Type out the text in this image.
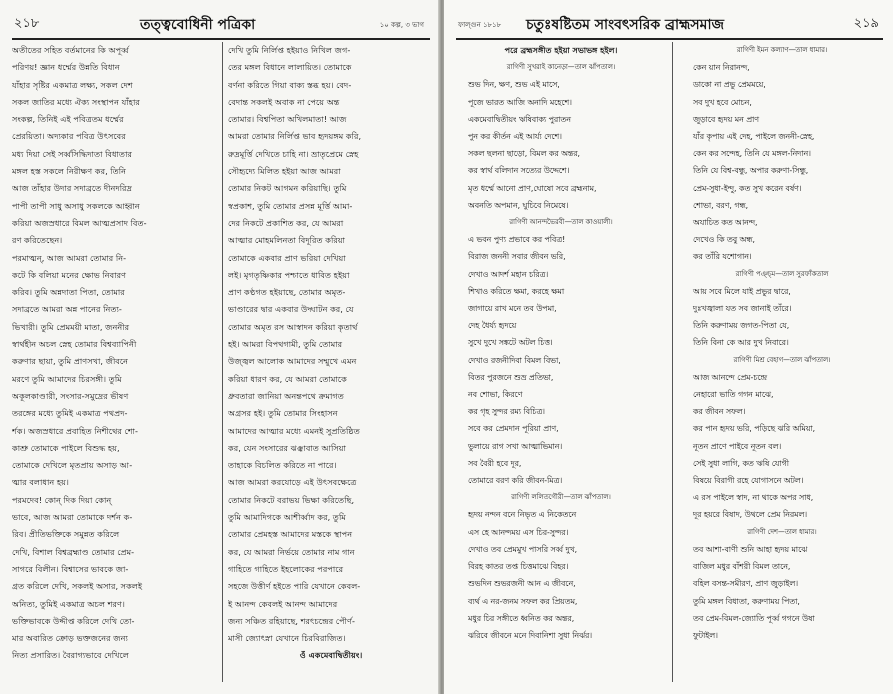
২১৮	তত্ত্ববোধিনী পত্রিকা	১০ কল্প, ৩ ভাগ

অতীতের সহিত বর্তমানের কি অপূর্ব্ব

পরিণয়! জ্ঞান ধর্ম্মের উন্নতি বিধান

যাঁহার সৃষ্টির একমাত্র লক্ষ্য, সকল দেশ

সকল জাতির মধ্যে ঐক্য সংস্থাপন যাঁহার

সংকল্প, তিনিই এই পবিত্রতম ধর্ম্মের

প্রেরয়িতা। অদ্যকার পবিত্র উৎসবের

মধ্য দিয়া সেই সর্ব্বসিদ্ধিদাতা বিধাতার

মঙ্গল হস্ত সকলে নিরীক্ষণ কর, তিনি

আজ তাঁহার উদার সদাব্রতে দীনদরিদ্র

পাপী তাপী সাধু অসাধু সকলকে আহ্বান

করিয়া অজস্রধারে বিমল আত্মপ্রসাদ বিত-

রণ করিতেছেন।

পরমাত্মন্, আজ আমরা তোমার নি-

কটে কি বলিয়া মনের ক্ষোভ নিবারণ

করিব। তুমি অন্নদাতা পিতা, তোমার

সদাব্রতে আমরা অন্ন পানের নিত্য-

ভিখারী। তুমি প্রেমময়ী মাতা, জননীর

স্বার্থহীন অচল স্নেহ তোমার বিশ্বব্যাপিনী

করুণার ছায়া, তুমি প্রাণসখা, জীবনে

মরণে তুমি আমাদের চিরসঙ্গী। তুমি

অকূলকাণ্ডারী, সংসার-সমুদ্রের ভীষণ

তরঙ্গের মধ্যে তুমিই একমাত্র পথপ্রদ-

র্শক। অজস্রধারে প্রবাহিত নিশীথের শো-

কাশ্রু তোমাকে পাইলে বিশুদ্ধ হয়,

তোমাকে দেখিলে মৃতপ্রায় অসাড় আ-

ত্মার বলাধান হয়।

পরমদেব! কোন্ দিক দিয়া কোন্

ভাবে, আজ আমরা তোমাকে দর্শন ক-

রিব। প্রীতিভক্তিকে সমুন্নত করিলে

দেখি, বিশাল বিশ্বব্রহ্মাণ্ড তোমার প্রেম-

সাগরে বিলীন। বিশ্বাসের ভাবকে জা-

গ্রত করিলে দেখি, সকলই অসার, সকলই

অনিত্য, তুমিই একমাত্র অচল শরণ।

ভক্তিভাবকে উদ্দীপ্ত করিলে দেখি তো-

মার অবারিত ক্রোড় ভক্তজনের জন্য

নিত্য প্রসারিত। বৈরাগ্যভাবে দেখিলে

দেখি তুমি নির্লিপ্ত হইয়াও নিখিল জগ-

তের মঙ্গল বিধানে লালায়িত। তোমাকে

বর্ণনা করিতে গিয়া বাক্য স্তব্ধ হয়। বেদ-

বেদান্ত সকলই অবাক না পেয়ে অন্ত

তোমার। বিশ্বপিতা অখিলমাতা! আজ

আমরা তোমার নির্লিপ্ত ভাব হৃদয়ঙ্গম করি,

রুদ্রমূর্ত্তি দেখিতে চাহি না। ভ্রাতৃপ্রেমে স্নেহ

সৌহৃদ্যে মিলিত হইয়া আজ আমরা

তোমার নিকট আগমন করিয়াছি। তুমি

স্বপ্রকাশ, তুমি তোমার প্রসন্ন মূর্ত্তি আমা-

দের নিকটে প্রকাশিত কর, যে আমরা

আত্মার মোহমলিনতা বিদূরিত করিয়া

তোমাকে একবার প্রাণ ভরিয়া দেখিয়া

লই। মৃগতৃষ্ণিকার পশ্চাতে ধাবিত হইয়া

প্রাণ কণ্ঠগত হইয়াছে, তোমার অমৃত-

ভাণ্ডারের দ্বার একবার উদ্ঘাটন কর, যে

তোমার অমৃত রস আস্বাদন করিয়া কৃতার্থ

হই। আমরা বিপথগামী, তুমি তোমার

উজ্জ্বল আলোক আমাদের সম্মুখে এমন

করিয়া ধারণ কর, যে আমরা তোমাকে

ধ্রুবতারা জানিয়া অনন্তপথে ক্রমাগত

অগ্রসর হই। তুমি তোমার সিংহাসন

আমাদের আত্মার মধ্যে এমনই সুপ্রতিষ্ঠিত

কর, যেন সংসারের ঝঞ্ঝাবাত আসিয়া

তাহাকে বিচলিত করিতে না পারে।

আজ আমরা করযোড়ে এই উৎসবক্ষেত্রে

তোমার নিকটে বরাভয় ভিক্ষা করিতেছি,

তুমি আমাদিগকে আশীর্ব্বাদ কর, তুমি

তোমার প্রেমহস্ত আমাদের মস্তকে স্থাপন

কর, যে আমরা নির্ভয়ে তোমার নাম গান

গাহিতে গাহিতে ইহলোকের পরপারে

সহজে উত্তীর্ণ হইতে পারি যেখানে কেবল-

ই আনন্দ কেবলই আনন্দ আমাদের

জন্য সঞ্চিত রহিয়াছে, শরৎচন্দ্রের পৌর্ণ-

মাসী জ্যোৎস্না যেখানে চিরবিরাজিত।

ওঁ একমেবাদ্বিতীয়ং।

ফাল্গুন ১৮১৮ চতুঃষষ্টিতম সাংবৎসরিক ব্রাহ্মসমাজ	২১৯

পরে ব্রহ্মসঙ্গীত হইয়া সভাভঙ্গ হইল।

রাগিণী সুখরাই কানেড়া—তাল ঝাঁপতাল।

শুভ দিন, ক্ষণ, শুভ এই মাসে,

পূজে ভারত আজি অনাদি মহেশে।

একমেবাদ্বিতীয়ং ঋষিবাক্য পুরাতন

পুন কর কীর্তন এই আর্য্য দেশে।

সকল ছলনা ছাড়ো, বিমল কর অন্তর,

কর স্বার্থ বলিদান সত্যের উদ্দেশে।

মৃত ধর্ম্মে আনো প্রাণ,ঘোষো সবে ব্রহ্মনাম,

অবনতি অপমান, ঘুচিবে নিমেষে।

রাগিণী আনন্দভৈরবী—তাল কাওয়ালী।

এ ভবন পুণ্য প্রভাবে কর পবিত্র!

বিরাজ জননী সবার জীবন ভরি,

দেখাও আদর্শ মহান চরিত্র।

শিখাও করিতে ক্ষমা, করহে ক্ষমা

জাগায়ে রাখ মনে তব উপমা,

দেহ ধৈর্য্য হৃদয়ে

সুখে দুখে সঙ্কটে অটল চিত্ত।

দেখাও রজনীদিবা বিমল বিভা,

বিতর পুরজনে শুভ্র প্রতিভা,

নব শোভা, কিরণে

কর গৃহ সুন্দর রম্য বিচিত্র।

সবে কর প্রেমদান পূরিয়া প্রাণ,

ভুলায়ে রাগ সখা আত্মাভিমান।

সব বৈরী হবে দূর,

তোমারে বরণ করি জীবন-মিত্র।

রাগিণী ললিতগৌরী—তাল ঝাঁপতাল।

হৃদয় নন্দন বনে নিভৃত এ নিকেতনে

এস হে আনন্দময় এস চির-সুন্দর।

দেখাও তব প্রেমমুখ পাসরি সর্ব্ব দুখ,

বিরহ কাতর তপ্ত চিত্তমাঝে বিহর।

শুভদিন শুভরজনী আন এ জীবনে,

ব্যর্থ এ নর-জনম সফল কর প্রিয়তম,

মধুর চির সঙ্গীতে ধ্বনিত কর অন্তর,

ঝরিবে জীবনে মনে দিবানিশা সুধা নির্ঝর।

রাগিণী ইমন কল্যাণ—তাল ধামার।

কেন য়ান নিরানন্দ,

ডাকো না প্রভু প্রেমময়ে,

সব দুখ হবে মোচন,

জুড়াবে হৃদয় মন প্রাণ

যাঁর কৃপায় এই দেহ, পাইলে জননী-স্নেহ,

কেন কর সন্দেহ, তিনি যে মঙ্গল-নিদান।

তিনি যে বিশ্ব-বন্ধু, অপার করুণা-সিন্ধু,

প্রেম-সুধা-ইন্দু, কত সুখ করেন বর্ষণ।

শোভা, বরণ, গন্ধ,

অযাচিত কত আনন্দ,

দেখেও কি তবু অন্ধ,

কর তাঁরি যশোগান।

রাগিণী পঞ্চ্ম—তাল সুরফাঁকতাল

আয় সবে মিলে যাই প্রভুর দ্বারে,

দুঃখজ্বালা যত সব জানাই তাঁরে।

তিনি করুণাময় জগত-পিতা যে,

তিনি বিনা কে আর দুখ নিবারে।

রাগিণী মিশ্র বেহাগ—তাল ঝাঁপতাল।

আজ আনন্দে প্রেম-চন্দ্রে

নেহারো ভাতি গগন মাঝে,

কর জীবন সফল।

কর পান হৃদয় ভরি, পড়িছে ঝরি অমিয়া,

নূতন প্রাণে পাইবে নূতন বল।

সেই সুধা লাগি, কত ঋষি যোগী

বিষয়ে বিরাগী রহে যোগাসনে অটল।

এ রস পাইলে স্বাদ, না থাকে অপর সাধ,

দূর হয়রে বিষাদ, উথলে প্রেম নিরমল।

রাগিণী দেশ—তাল ধামার।

তব আশা-বাণী শুনি আহা হৃদয় মাঝে

বাজিল মধুর বাঁশরী বিমল তানে,

বহিল বসন্ত-সমীরণ, প্রাণ জুড়াইল।

তুমি মঙ্গল বিধাতা, করুণাময় পিতা,

তব প্রেম-বিমল-জ্যোতি পূর্ব্ব গগনে উষা

ফুটাইল।
